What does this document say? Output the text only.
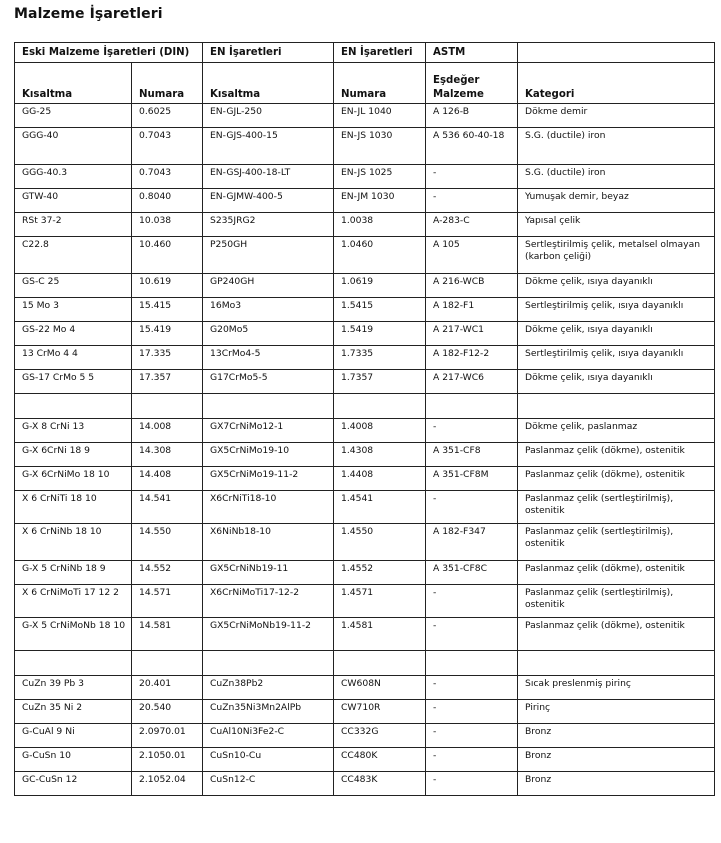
Malzeme İşaretleri
Eski Malzeme İşaretleri (DIN)		EN İşaretleri	EN İşaretleri	ASTM	
Kısaltma	Numara	Kısaltma	Numara	Eşdeğer Malzeme	Kategori
GG-25	0.6025	EN-GJL-250	EN-JL 1040	A 126-B	Dökme demir
GGG-40	0.7043	EN-GJS-400-15	EN-JS 1030	A 536 60-40-18	S.G. (ductile) iron
GGG-40.3	0.7043	EN-GSJ-400-18-LT	EN-JS 1025	-	S.G. (ductile) iron
GTW-40	0.8040	EN-GJMW-400-5	EN-JM 1030	-	Yumuşak demir, beyaz
RSt 37-2	10.038	S235JRG2	1.0038	A-283-C	Yapısal çelik
C22.8	10.460	P250GH	1.0460	A 105	Sertleştirilmiş çelik, metalsel olmayan (karbon çeliği)
GS-C 25	10.619	GP240GH	1.0619	A 216-WCB	Dökme çelik, ısıya dayanıklı
15 Mo 3	15.415	16Mo3	1.5415	A 182-F1	Sertleştirilmiş çelik, ısıya dayanıklı
GS-22 Mo 4	15.419	G20Mo5	1.5419	A 217-WC1	Dökme çelik, ısıya dayanıklı
13 CrMo 4 4	17.335	13CrMo4-5	1.7335	A 182-F12-2	Sertleştirilmiş çelik, ısıya dayanıklı
GS-17 CrMo 5 5	17.357	G17CrMo5-5	1.7357	A 217-WC6	Dökme çelik, ısıya dayanıklı

G-X 8 CrNi 13	14.008	GX7CrNiMo12-1	1.4008	-	Dökme çelik, paslanmaz
G-X 6CrNi 18 9	14.308	GX5CrNiMo19-10	1.4308	A 351-CF8	Paslanmaz çelik (dökme), ostenitik
G-X 6CrNiMo 18 10	14.408	GX5CrNiMo19-11-2	1.4408	A 351-CF8M	Paslanmaz çelik (dökme), ostenitik
X 6 CrNiTi 18 10	14.541	X6CrNiTi18-10	1.4541	-	Paslanmaz çelik (sertleştirilmiş), ostenitik
X 6 CrNiNb 18 10	14.550	X6NiNb18-10	1.4550	A 182-F347	Paslanmaz çelik (sertleştirilmiş), ostenitik
G-X 5 CrNiNb 18 9	14.552	GX5CrNiNb19-11	1.4552	A 351-CF8C	Paslanmaz çelik (dökme), ostenitik
X 6 CrNiMoTi 17 12 2	14.571	X6CrNiMoTi17-12-2	1.4571	-	Paslanmaz çelik (sertleştirilmiş), ostenitik
G-X 5 CrNiMoNb 18 10	14.581	GX5CrNiMoNb19-11-2	1.4581	-	Paslanmaz çelik (dökme), ostenitik

CuZn 39 Pb 3	20.401	CuZn38Pb2	CW608N	-	Sıcak preslenmiş pirinç
CuZn 35 Ni 2	20.540	CuZn35Ni3Mn2AlPb	CW710R	-	Pirinç
G-CuAl 9 Ni	2.0970.01	CuAl10Ni3Fe2-C	CC332G	-	Bronz
G-CuSn 10	2.1050.01	CuSn10-Cu	CC480K	-	Bronz
GC-CuSn 12	2.1052.04	CuSn12-C	CC483K	-	Bronz
